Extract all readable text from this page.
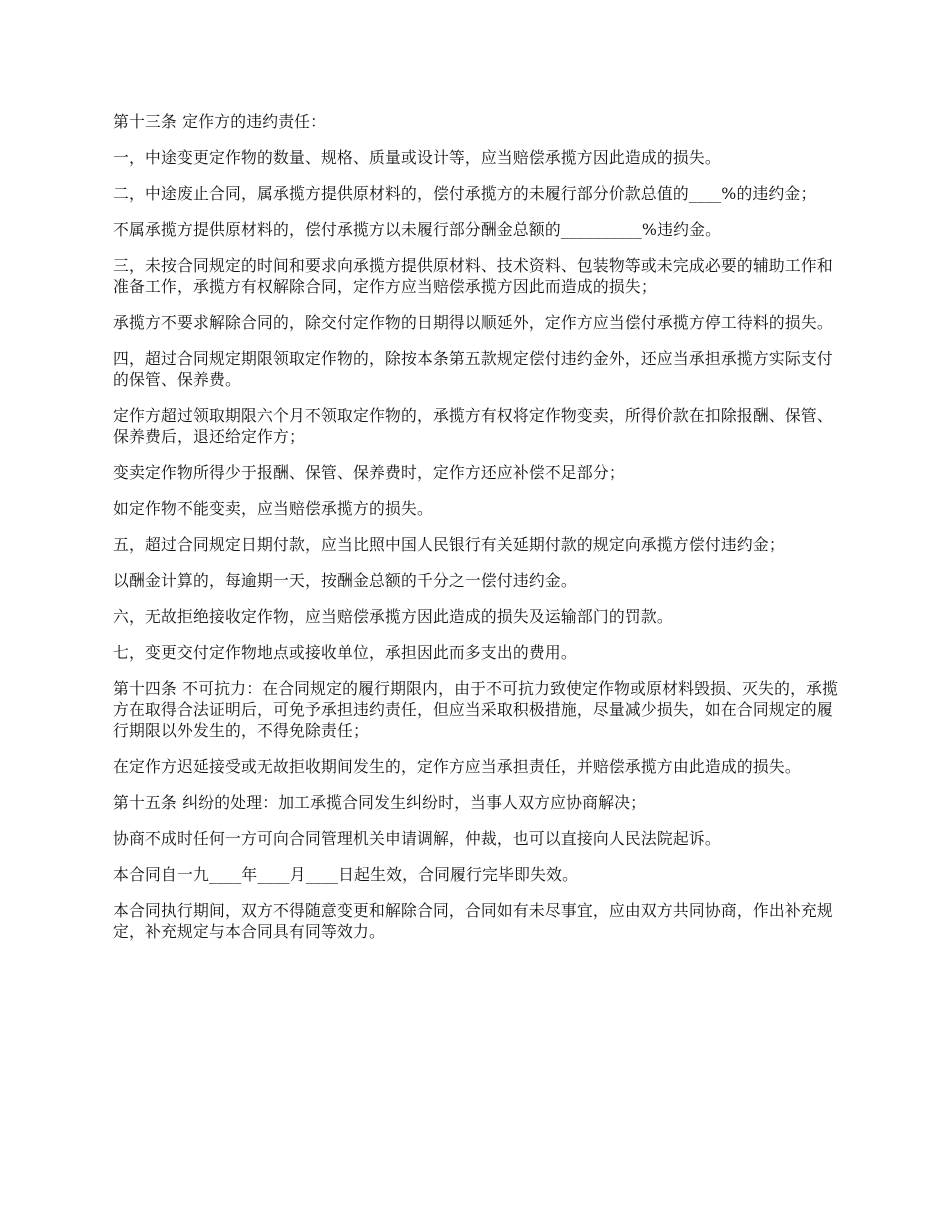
第十三条 定作方的违约责任：

一，中途变更定作物的数量、规格、质量或设计等，应当赔偿承揽方因此造成的损失。

二，中途废止合同，属承揽方提供原材料的，偿付承揽方的未履行部分价款总值的____%的违约金；

不属承揽方提供原材料的，偿付承揽方以未履行部分酬金总额的__________%违约金。

三，未按合同规定的时间和要求向承揽方提供原材料、技术资料、包装物等或未完成必要的辅助工作和准备工作，承揽方有权解除合同，定作方应当赔偿承揽方因此而造成的损失；

承揽方不要求解除合同的，除交付定作物的日期得以顺延外，定作方应当偿付承揽方停工待料的损失。

四，超过合同规定期限领取定作物的，除按本条第五款规定偿付违约金外，还应当承担承揽方实际支付的保管、保养费。

定作方超过领取期限六个月不领取定作物的，承揽方有权将定作物变卖，所得价款在扣除报酬、保管、保养费后，退还给定作方；

变卖定作物所得少于报酬、保管、保养费时，定作方还应补偿不足部分；

如定作物不能变卖，应当赔偿承揽方的损失。

五，超过合同规定日期付款，应当比照中国人民银行有关延期付款的规定向承揽方偿付违约金；

以酬金计算的，每逾期一天，按酬金总额的千分之一偿付违约金。

六，无故拒绝接收定作物，应当赔偿承揽方因此造成的损失及运输部门的罚款。

七，变更交付定作物地点或接收单位，承担因此而多支出的费用。

第十四条 不可抗力：在合同规定的履行期限内，由于不可抗力致使定作物或原材料毁损、灭失的，承揽方在取得合法证明后，可免予承担违约责任，但应当采取积极措施，尽量减少损失，如在合同规定的履行期限以外发生的，不得免除责任；

在定作方迟延接受或无故拒收期间发生的，定作方应当承担责任，并赔偿承揽方由此造成的损失。

第十五条 纠纷的处理：加工承揽合同发生纠纷时，当事人双方应协商解决；

协商不成时任何一方可向合同管理机关申请调解，仲裁，也可以直接向人民法院起诉。

本合同自一九____年____月____日起生效，合同履行完毕即失效。

本合同执行期间，双方不得随意变更和解除合同，合同如有未尽事宜，应由双方共同协商，作出补充规定，补充规定与本合同具有同等效力。
